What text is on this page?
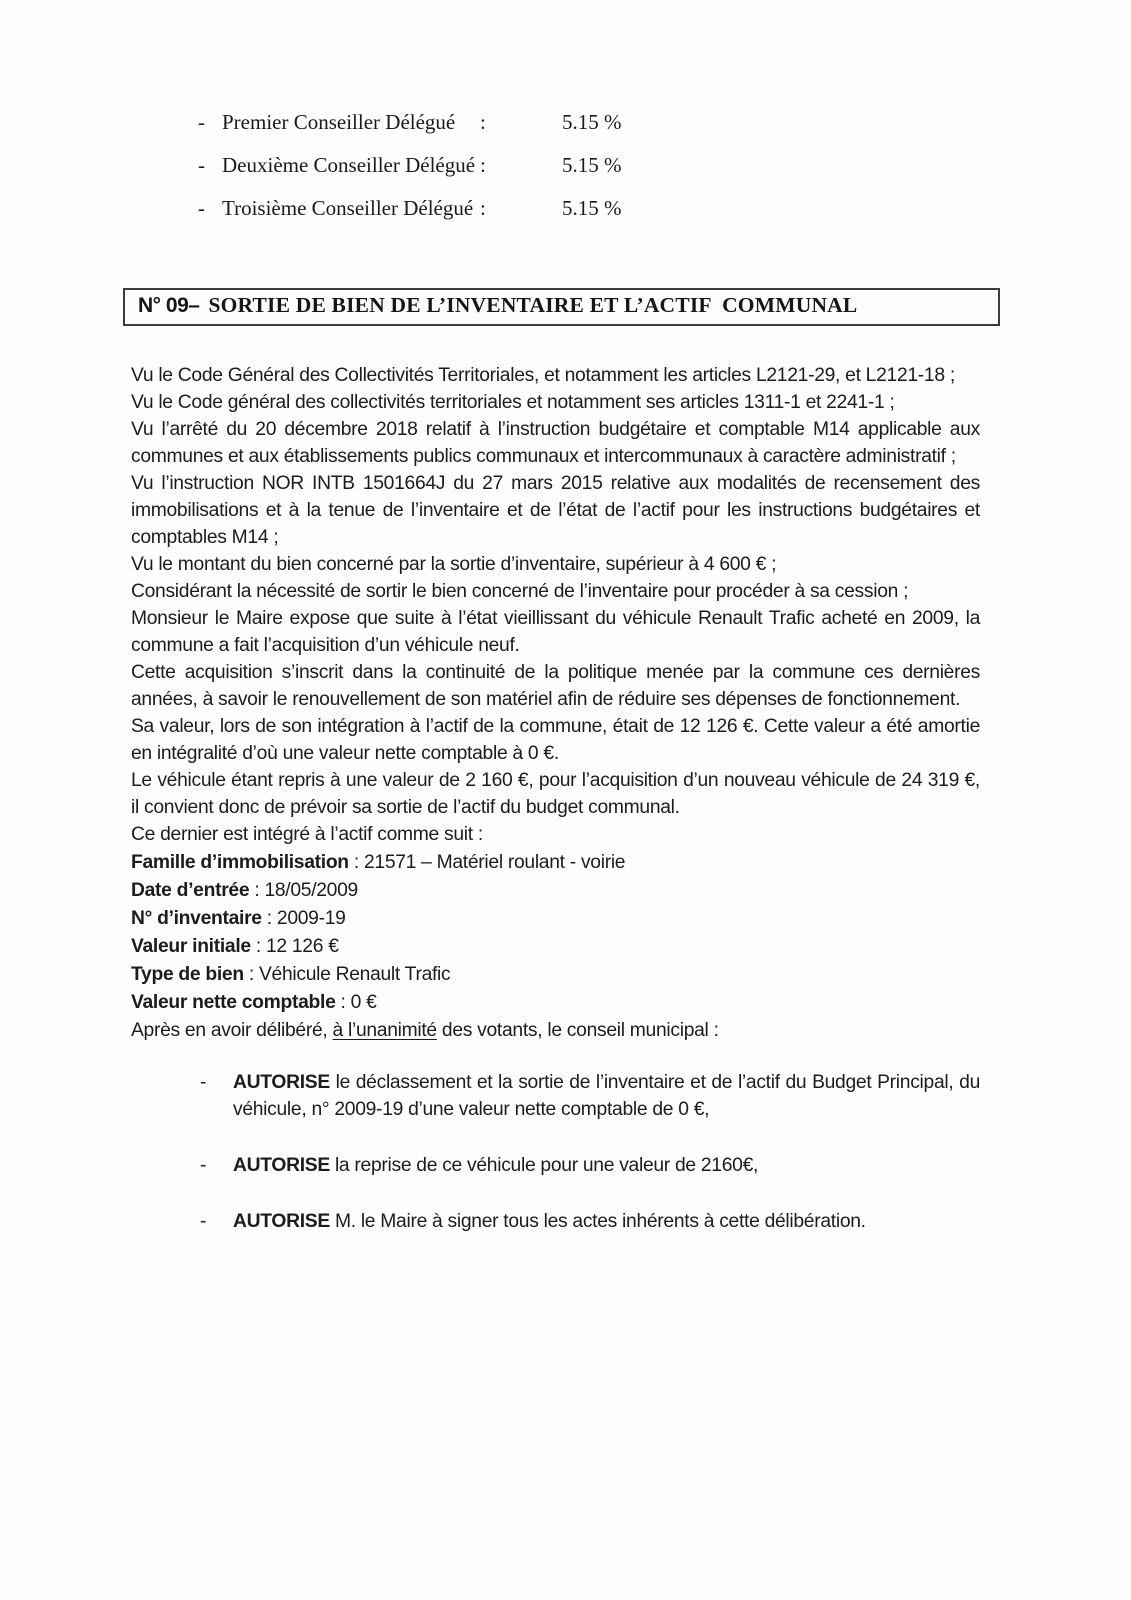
- Premier Conseiller Délégué	:	5.15 %
- Deuxième Conseiller Délégué :	5.15 %
- Troisième Conseiller Délégué :	5.15 %
N° 09– SORTIE DE BIEN DE L’INVENTAIRE ET L’ACTIF  COMMUNAL

Vu le Code Général des Collectivités Territoriales, et notamment les articles L2121-29, et L2121-18 ;

Vu le Code général des collectivités territoriales et notamment ses articles 1311-1 et 2241-1 ;

Vu l’arrêté du 20 décembre 2018 relatif à l’instruction budgétaire et comptable M14 applicable aux communes et aux établissements publics communaux et intercommunaux à caractère administratif ;

Vu l’instruction NOR INTB 1501664J du 27 mars 2015 relative aux modalités de recensement des immobilisations et à la tenue de l’inventaire et de l’état de l’actif pour les instructions budgétaires et comptables M14 ;

Vu le montant du bien concerné par la sortie d’inventaire, supérieur à 4 600 € ;

Considérant la nécessité de sortir le bien concerné de l’inventaire pour procéder à sa cession ;

Monsieur le Maire expose que suite à l’état vieillissant du véhicule Renault Trafic acheté en 2009, la commune a fait l’acquisition d’un véhicule neuf.

Cette acquisition s’inscrit dans la continuité de la politique menée par la commune ces dernières années, à savoir le renouvellement de son matériel afin de réduire ses dépenses de fonctionnement.

Sa valeur, lors de son intégration à l’actif de la commune, était de 12 126 €. Cette valeur a été amortie en intégralité d’où une valeur nette comptable à 0 €.

Le véhicule étant repris à une valeur de 2 160 €, pour l’acquisition d’un nouveau véhicule de 24 319 €, il convient donc de prévoir sa sortie de l’actif du budget communal.

Ce dernier est intégré à l’actif comme suit :

Famille d’immobilisation : 21571 – Matériel roulant - voirie

Date d’entrée : 18/05/2009

N° d’inventaire : 2009-19

Valeur initiale : 12 126 €

Type de bien : Véhicule Renault Trafic

Valeur nette comptable : 0 €

Après en avoir délibéré, à l’unanimité des votants, le conseil municipal :

-	AUTORISE le déclassement et la sortie de l’inventaire et de l’actif du Budget Principal, du véhicule, n° 2009-19 d’une valeur nette comptable de 0 €,

-	AUTORISE la reprise de ce véhicule pour une valeur de 2160€,

-	AUTORISE M. le Maire à signer tous les actes inhérents à cette délibération.
